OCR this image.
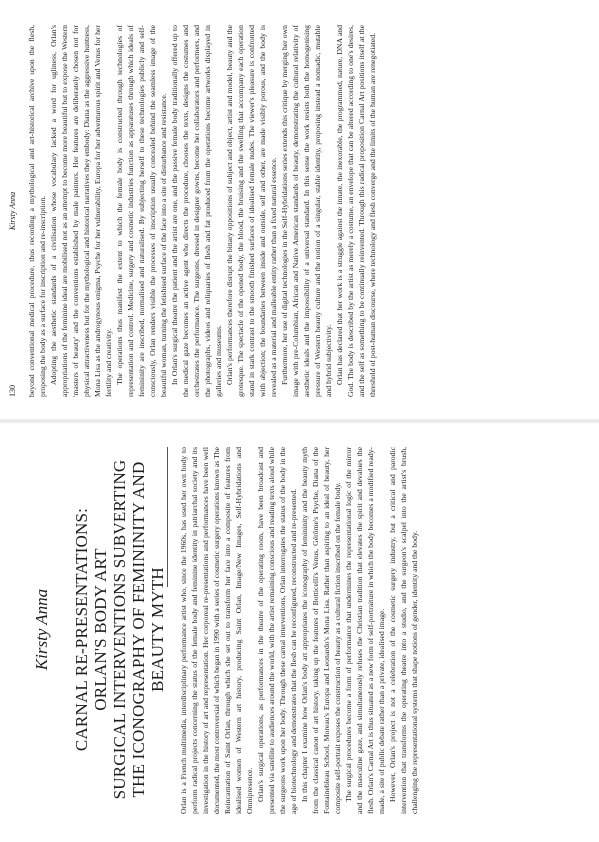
Kirsty Anna CARNAL RE-PRESENTATIONS: ORLAN'S BODY ART SURGICAL INTERVENTIONS SUBVERTING THE ICONOGRAPHY OF FEMININITY AND BEAUTY MYTH Orlan is a French multimedia, interdisciplinary performance artist who, since the 1960s, has used her own body to perform radical projects concerning the status of the female body and feminine identity in patriarchal society and its investigation in the history of art and representation. Her corporeal re-presentations and performances have been well documented, the most controversial of which began in 1990 with a series of cosmetic surgery operations known as The Reincarnation of Saint Orlan, through which she set out to transform her face into a composite of features from idealised women of Western art history, producing Saint Orlan, Image/New Images, Self-Hybridations and Omnipresence. Orlan's surgical operations, as performances in the theatre of the operating room, have been broadcast and presented via satellite to audiences around the world, with the artist remaining conscious and reading texts aloud while the surgeons work upon her body. Through these carnal interventions, Orlan interrogates the status of the body in the age of biotechnology and demonstrates that the flesh can be reconfigured, reconstructed and re-presented. In this chapter I examine how Orlan's body art appropriates the iconography of femininity and the beauty myth from the classical canon of art history, taking up the features of Botticelli's Venus, Gérôme's Psyche, Diana of the Fontainebleau School, Moreau's Europa and Leonardo's Mona Lisa. Rather than aspiring to an ideal of beauty, her composite self-portrait exposes the construction of beauty as a cultural fiction inscribed on the female body. The surgical procedures become a form of performance that undermines the representational logic of the mirror and the masculine gaze, and simultaneously refuses the Christian tradition that elevates the spirit and devalues the flesh. Orlan's Carnal Art is thus situated as a new form of self-portraiture in which the body becomes a modified ready-made, a site of public debate rather than a private, idealised image. However, Orlan's project is not a celebration of the cosmetic surgery industry, but a critical and parodic intervention that transforms the operating theatre into a studio, and the surgeon's scalpel into the artist's brush, challenging the representational systems that shape notions of gender, identity and the body.

130
Kirsty Anna beyond conventional medical procedure, thus recording a mythological and art-historical archive upon the flesh, proposing the body as a surface for inscription and re-inscription. Adopting the aesthetic standards of a civilisation whose vocabulary lacked a word for ugliness, Orlan's appropriations of the feminine ideal are mobilised not as an attempt to become more beautiful but to expose the Western 'masters of beauty' and the conventions established by male painters. Her features are deliberately chosen not for physical attractiveness but for the mythological and historical narratives they embody: Diana as the aggressive huntress, Mona Lisa as the androgynous enigma, Psyche for her vulnerability, Europa for her adventurous spirit and Venus for her fertility and creativity. The operations thus manifest the extent to which the female body is constructed through technologies of representation and control. Medicine, surgery and cosmetic industries function as apparatuses through which ideals of femininity are inscribed, normalised and naturalised. By subjecting herself to these technologies publicly and self-consciously, Orlan renders visible the processes of inscription usually concealed behind the seamless image of the beautiful woman, turning the fetishised surface of the face into a site of disturbance and resistance. In Orlan's surgical theatre the patient and the artist are one, and the passive female body traditionally offered up to the medical gaze becomes an active agent who directs the procedure, chooses the texts, designs the costumes and orchestrates the performance. The surgeons, dressed in designer gowns, become her collaborators and performers, and the photographs, videos and reliquaries of flesh and fat produced from the operations become artworks displayed in galleries and museums. Orlan's performances therefore disrupt the binary oppositions of subject and object, artist and model, beauty and the grotesque. The spectacle of the opened body, the blood, the bruising and the swelling that accompany each operation stand in stark contrast to the smooth finished surfaces of idealised female nudes. The viewer's pleasure is confronted with abjection; the boundaries between inside and outside, self and other, are made visibly porous, and the body is revealed as a material and malleable entity rather than a fixed natural essence. Furthermore, her use of digital technologies in the Self-Hybridations series extends this critique by merging her own image with pre-Columbian, African and Native American standards of beauty, demonstrating the cultural relativity of aesthetic ideals and the impossibility of a universal standard. In this sense the work resists both the homogenising pressure of Western beauty culture and the notion of a singular, stable identity, proposing instead a nomadic, mutable and hybrid subjectivity. Orlan has declared that her work is a struggle against the innate, the inexorable, the programmed, nature, DNA and God. The body is described by the artist as merely a costume, an envelope that can be altered according to one's desires, and the self as something to be continually reinvented. Through this radical proposition Carnal Art positions itself at the threshold of post-human discourse, where technology and flesh converge and the limits of the human are renegotiated.
